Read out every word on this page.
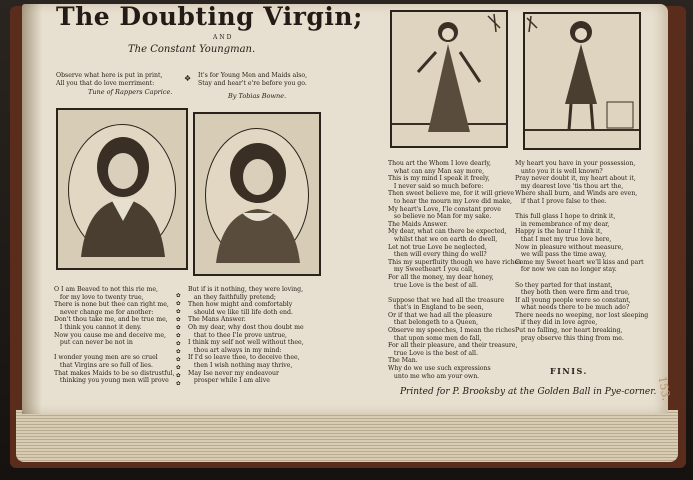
The Doubting Virgin;
AND
The Constant Youngman.
Observe what here is put in print,
All you that do love merriment:
❖ It's for Young Men and Maids also,
Stay and hear't e're before you go.
Tune of Rappers Caprice.	By Tobias Bowne.
O I am Beaved to not this rie me,
for my love to twenty true,
There is none but thee can right me,
never change me for another:
Don't thou take me, and be true me,
I think you cannot it deny.
Now you cause me and deceive me,
put can never be not in

I wonder young men are so cruel
that Virgins are so full of lies.
That makes Maids to be so distrustful,
thinking you young men will prove
✿
✿
✿
✿
✿
✿
✿
✿
✿
✿
✿
✿
But if is it nothing, they were loving,
an they faithfully pretend;
Then how might and comfortably
should we like till life doth end.
The Mans Answer.
Oh my dear, why dost thou doubt me
that to thee I'le prove untrue,
I think my self not well without thee,
thou art always in my mind:
If I'd so leave thee, to deceive thee,
then I wish nothing may thrive,
May Ise never my endeavour
prosper while I am alive
Thou art the Whom I love dearly,
what can any Man say more,
This is my mind I speak it freely,
I never said so much before:
Then sweet believe me, for it will grieve
to hear the mourn my Love did make,
My heart's Love, I'le constant prove
so believe no Man for my sake.
The Maids Answer.
My dear, what can there be expected,
whilst that we on earth do dwell,
Let not true Love be neglected,
then will every thing do well?
This my superfluity though we have riches
my Sweetheart I you call,
For all the money, my dear honey,
true Love is the best of all.

Suppose that we had all the treasure
that's in England to be seen,
Or if that we had all the pleasure
that belongeth to a Queen,
Observe my speeches, I mean the riches
that upon some men do fall,
For all their pleasure, and their treasure,
true Love is the best of all.
The Man.
Why do we use such expressions
unto me who am your own.
My heart you have in your possession,
unto you it is well known?
Pray never doubt it, my heart about it,
my dearest love 'tis thou art the,
Where shall burn, and Winds are even,
if that I prove false to thee.

This full glass I hope to drink it,
in remembrance of my dear,
Happy is the hour I think it,
that I met my true love here,
Now in pleasure without measure,
we will pass the time away,
Come my Sweet heart we'll kiss and part
for now we can no longer stay.

So they parted for that instant,
they both then were firm and true,
If all young people were so constant,
what needs there to be much ado?
There needs no weeping, nor lost sleeping
if they did in love agree,
Put no falling, nor heart breaking,
pray observe this thing from me.
FINIS.
Printed for P. Brooksby at the Golden Ball in Pye-corner. 153.
